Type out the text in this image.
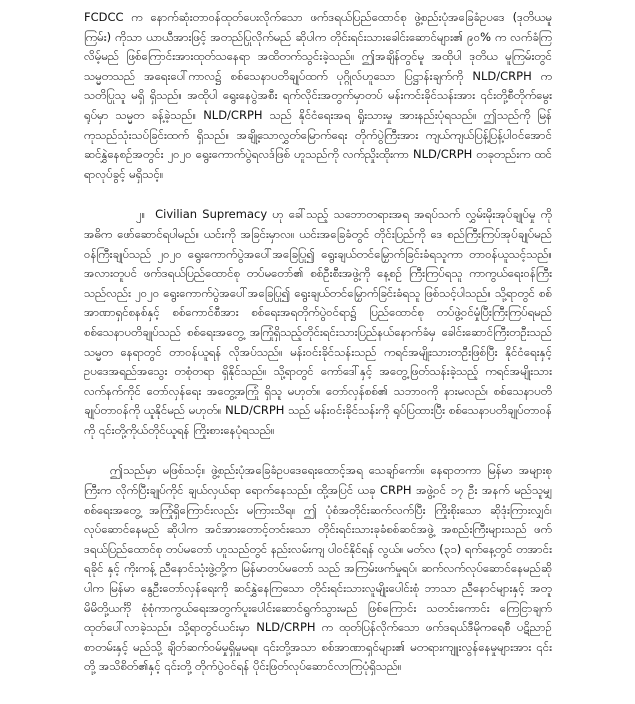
FCDCC က နောက်ဆုံးတာဝန်ထုတ်ပေးလိုက်သော ဖက်ဒရယ်ပြည်ထောင်စု ဖွဲ့စည်းပုံအခြေခံဥပဒေ (ဒုတိယမူကြမ်း) ကိုသာ ယာယီအားဖြင့် အတည်ပြုလိုက်မည် ဆိုပါက တိုင်းရင်းသားခေါင်းဆောင်များ၏ ၉၀% က လက်ခံကြလိမ့်မည် ဖြစ်ကြောင်းအားထုတ်သနေရာ အထိတက်သွင်းခဲ့သည်။ ဤအချိန်တွင်မူ အထိုပါ ဒုတိယ မူကြမ်းတွင် သမ္မတသည် အရေးပေါ်ကာလ၌ စစ်သေနာပတိချုပ်ထက် ပုဂ္ဂိုလ်ဟူသော ပြဋ္ဌာန်းချက်ကို NLD/CRPH က သတိပြုသူ မရှိ ရှိသည်။ အထိုပါ ရွေးနေပွဲအစီး ရက်လိုင်းအတွက်မှာတပ် မန်းကင်းခိုင်သန်းအား ၎င်းတို့စီတိုက်မွေးရုပ်မှာ သမ္မတ ခန့်ခဲ့သည်။ NLD/CRPH သည် နိုင်ငံရေးအရ ရှိုးသားမှု အားနည်းပုံရသည်။ ဤသည်ကို မြန်ကုသည်သုံးသပ်ခြင်းထက် ရှိသည်။ အချို့သောလွှတ်မြောက်ရေး တိုက်ပွဲကြီးအား ကျယ်ကျယ်ပြန့်ပြန့်ပါဝင်အောင် ဆင်နွှဲနေစဉ်အတွင်း ၂၀၂၀ ရွေးကောက်ပွဲရလဒ်ဖြစ် ဟူသည်ကို လက်ညှိုးထိုးကာ NLD/CRPH တခုတည်းက ထင်ရာလုပ်ခွင့် မရှိသင့်။

၂။ Civilian Supremacy ဟု ခေါ်သည့် သဘောတရားအရ အရပ်သက် လွှမ်းမိုးအုပ်ချုပ်မှု ကို အဓိက ဖော်ဆောင်ရပါမည်။ ယင်းကို အခြင်းမှာလ။ ယင်းအခြေခံတွင် တိုင်းပြည်ကို ဒေ စည်ကြီးကြပ်အုပ်ချုပ်မည် ဝန်ကြီးချုပ်သည် ၂၀၂၀ ရွေးကောက်ပွဲအပေါ်အခြေပြု၍ ရွေးချယ်တင်မြှောက်ခြင်းခံရသူကာ တာဝန်ယူသင့်သည်။ အလားတူပင် ဖက်ဒရယ်ပြည်ထောင်စု တပ်မတော်၏ စစ်ဦးစီးအဖွဲ့ကို နေ့စဉ် ကြီးကြပ်ရသူ ကာကွယ်ရေးဝန်ကြီးသည်လည်း ၂၀၂၀ ရွေးကောက်ပွဲအပေါ်အခြေပြု၍ ရွေးချယ်တင်မြှောက်ခြင်းခံရသူ ဖြစ်သင့်ပါသည်။ သို့ရာတွင် စစ်အာဏာရှင်စနစ်နှင့် စစ်ကောင်စီအား စစ်ရေးအရတိုက်ပွဲဝင်ရာ၌ ပြည်ထောင်စု တပ်ဖွဲ့ဝင်မှုံပြီးကြီးကြပ်ရမည် စစ်သေနာပတိချုပ်သည် စစ်ရေးအတွေ့ အကြုံရှိသည့်တိုင်းရင်းသားပြည်နယ်နောက်ခံမှ ခေါင်းဆောင်ကြီးတဦးသည် သမ္မတ နေရာတွင် တာဝန်ယူရန် လိုအပ်သည်။ မန်းဝင်းခိုင်သန်းသည် ကရင်အမျိုးသားတဦးဖြစ်ပြီး နိုင်ငံရေးနှင့် ဥပဒေအရည်အသွေး တစုံတရာ ရှိနိုင်သည်။ သို့ရာတွင် ကော်ဒေါ်နှင့် အတွေ့ဖြတ်သန်းခဲ့သည့် ကရင်အမျိုးသားလက်နက်ကိုင် တော်လှန်ရေး အတွေ့အကြုံ ရှိသူ မဟုတ်။ တော်လှန်စစ်၏ သဘာဝကို နားမလည်၊ စစ်သေနာပတိချုပ်တာဝန်ကို ယူနိုင်မည် မဟုတ်။ NLD/CRPH သည် မန်းဝင်းခိုင်သန်းကို ရုပ်ပြထားပြီး စစ်သေနာပတိချုပ်တာဝန်ကို ၎င်းတို့ကိုယ်တိုင်ယူရန် ကြိုးစားနေပုံရသည်။

ဤသည်မှာ မဖြစ်သင့်။ ဖွဲ့စည်းပုံအခြေခံဥပဒေရေးထောင့်အရ သေချာ်ကော်။ နေရာတကာ မြန်မာ အများစုကြီးက လိုက်ပြီးချုပ်ကိုင် ချယ်လှယ်ရာ ရောက်နေသည်။ ထို့အပြင် ယခု CRPH အဖွဲ့ဝင် ၁၇ ဦး အနက် မည်သူမျှစစ်ရေးအတွေ့ အကြုံရှိကြောင်းလည်း မကြားသိရ။ ဤ ပုံစံအတိုင်းဆက်လက်ပြီး ကြိုးစိုးသော ဆိုဒုံးကြားလျှင်၊ လုပ်ဆောင်နေမည် ဆိုပါက အင်အားတောင့်တင်းသော တိုင်းရင်းသားခုခံစစ်ဆင်အဖွဲ့ အစည်းကြီးများသည် ဖက်ဒရယ်ပြည်ထောင်စု တပ်မတော် ဟူသည်တွင် နည်းလမ်းကျ ပါဝင်နိုင်ရန် လွယ်။ မတ်လ (၃၁) ရက်နေ့တွင် တအာင်း ရခိုင် နှင့် ကိုးကန့် ညီနောင်သုံးဖွဲ့တို့က မြန်မာတပ်မတော် သည် အကြမ်းဖက်မှုရပ်၊ ဆက်လက်လုပ်ဆောင်နေမည်ဆိုပါက မြန်မာ နွေဦးတော်လှန်ရေးကို ဆင်နွှဲနေကြသော တိုင်းရင်းသားလူမျိုးပေါင်းစုံ ဘာသာ ညီနောင်များနှင့် အတူ မိမိတို့ယင်္ကို စုံစုံကာကွယ်ရေးအတွက်ပူးပေါင်းဆောင်ရွက်သွားမည် ဖြစ်ကြောင်း သတင်းကောင်း ကြေငြာချက် ထုတ်ပေါ်လာခဲ့သည်။ သို့ရာတွင်ယင်းမှာ NLD/CRPH က ထုတ်ပြန်လိုက်သော ဖက်ဒရယ်ဒီမိုကရေစီ ပဋိညာဉ်စာတမ်းနှင့် မည်သို့ ချိတ်ဆက်ဝမ်မှုရှိမှုမရ။ ၎င်းတို့အသာ စစ်အာဏာရှင်များ၏ မတရားကျူးလွန်နေမှုများအား ၎င်းတို့ အသိစိတ်၏နှင့် ၎င်းတို့ တိုက်ပွဲဝင်ရန် ပိုင်းဖြတ်လုပ်ဆောင်လာကြပုံရှိသည်။
